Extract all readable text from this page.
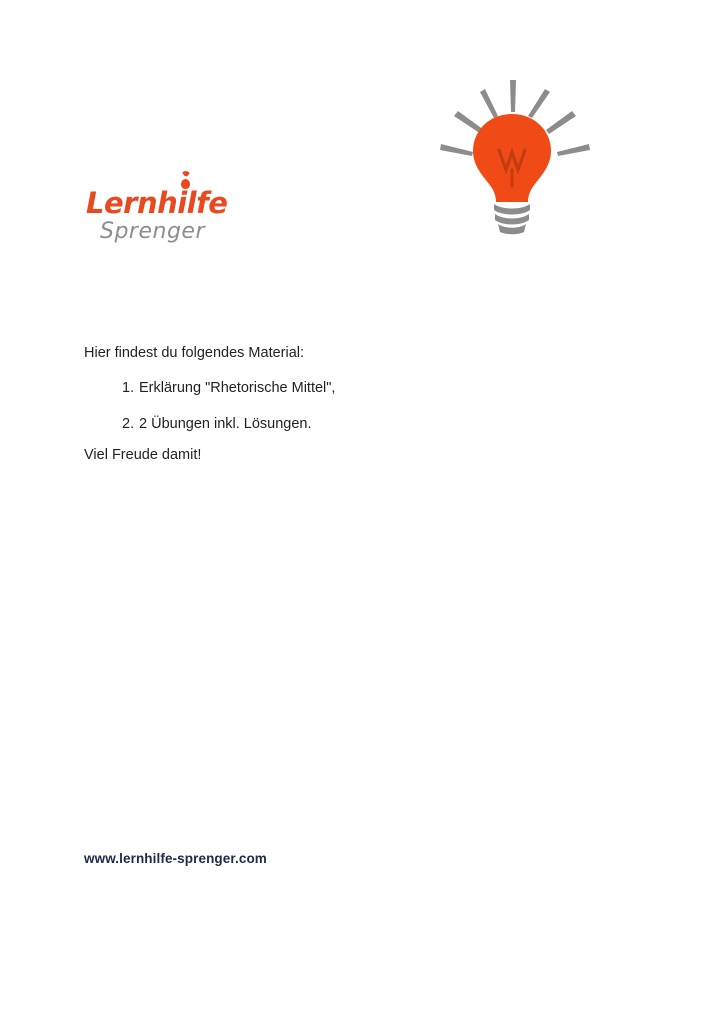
Lernhilfe
Sprenger
Hier findest du folgendes Material:
1. Erklärung "Rhetorische Mittel",
2. 2 Übungen inkl. Lösungen.
Viel Freude damit!
www.lernhilfe-sprenger.com
